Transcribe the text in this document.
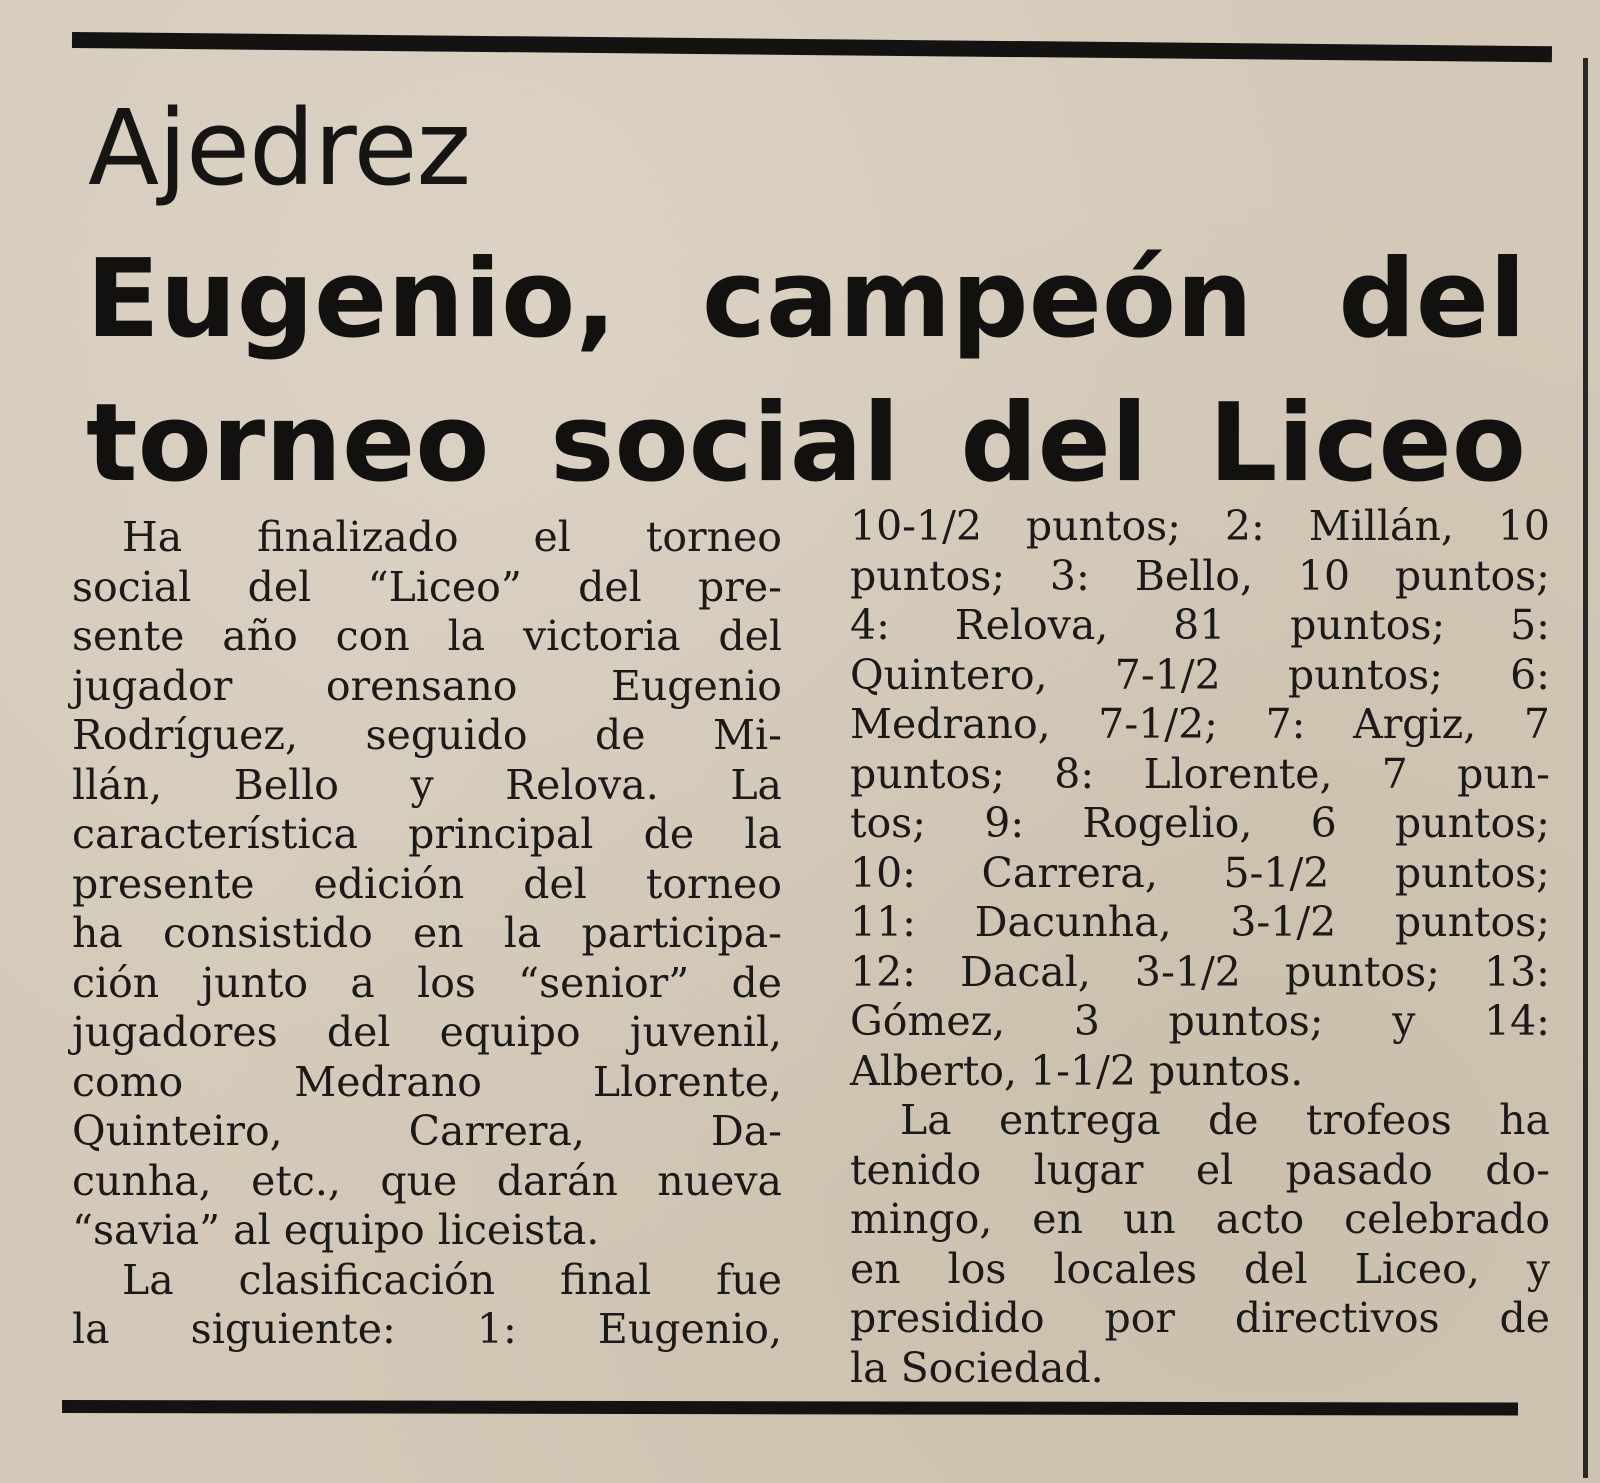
Ajedrez
Eugenio, campeón del
torneo social del Liceo
Ha finalizado el torneo
social del “Liceo” del pre-
sente año con la victoria del
jugador orensano Eugenio
Rodríguez, seguido de Mi-
llán, Bello y Relova. La
característica principal de la
presente edición del torneo
ha consistido en la participa-
ción junto a los “senior” de
jugadores del equipo juvenil,
como Medrano Llorente,
Quinteiro, Carrera, Da-
cunha, etc., que darán nueva
“savia” al equipo liceista.
La clasificación final fue
la siguiente: 1: Eugenio,
10-1/2 puntos; 2: Millán, 10
puntos; 3: Bello, 10 puntos;
4: Relova, 81 puntos; 5:
Quintero, 7-1/2 puntos; 6:
Medrano, 7-1/2; 7: Argiz, 7
puntos; 8: Llorente, 7 pun-
tos; 9: Rogelio, 6 puntos;
10: Carrera, 5-1/2 puntos;
11: Dacunha, 3-1/2 puntos;
12: Dacal, 3-1/2 puntos; 13:
Gómez, 3 puntos; y 14:
Alberto, 1-1/2 puntos.
La entrega de trofeos ha
tenido lugar el pasado do-
mingo, en un acto celebrado
en los locales del Liceo, y
presidido por directivos de
la Sociedad.
